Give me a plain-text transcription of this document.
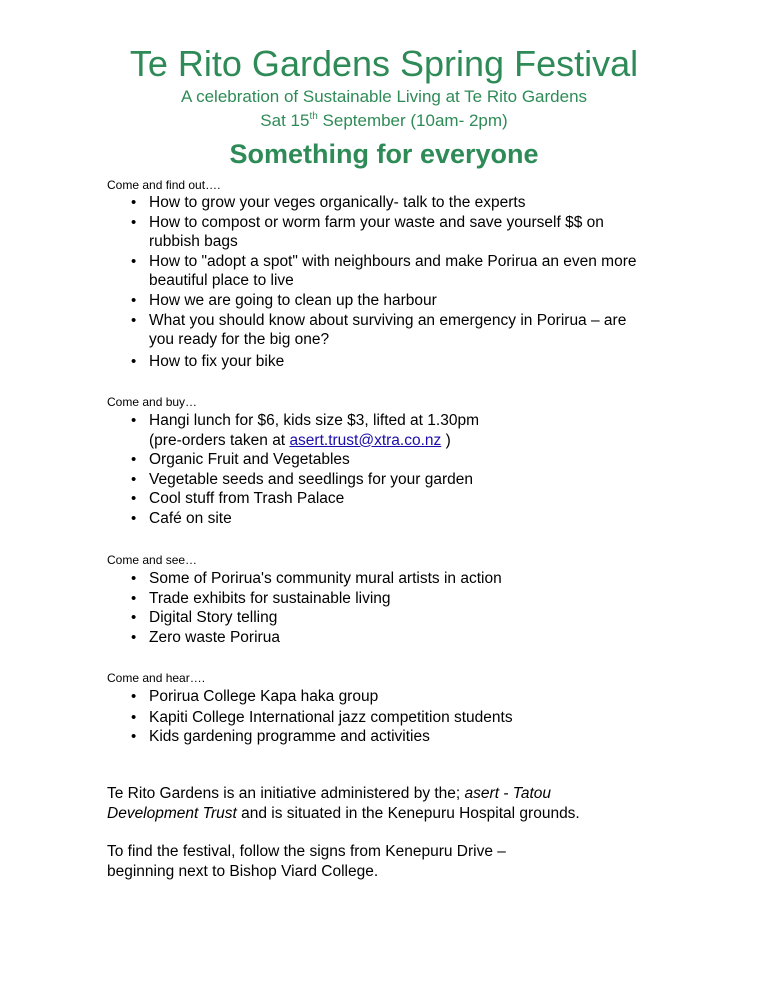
Te Rito Gardens Spring Festival

A celebration of Sustainable Living at Te Rito Gardens

Sat 15th September (10am- 2pm)

Something for everyone

Come and find out….

• How to grow your veges organically- talk to the experts
• How to compost or worm farm your waste and save yourself $$ on rubbish bags
• How to "adopt a spot" with neighbours and make Porirua an even more beautiful place to live
• How we are going to clean up the harbour
• What you should know about surviving an emergency in Porirua – are you ready for the big one?
• How to fix your bike

Come and buy…

• Hangi lunch for $6, kids size $3, lifted at 1.30pm
(pre-orders taken at asert.trust@xtra.co.nz )
• Organic Fruit and Vegetables
• Vegetable seeds and seedlings for your garden
• Cool stuff from Trash Palace
• Café on site

Come and see…

• Some of Porirua's community mural artists in action
• Trade exhibits for sustainable living
• Digital Story telling
• Zero waste Porirua

Come and hear….

• Porirua College Kapa haka group
• Kapiti College International jazz competition students
• Kids gardening programme and activities

Te Rito Gardens is an initiative administered by the; asert - Tatou Development Trust and is situated in the Kenepuru Hospital grounds.

To find the festival, follow the signs from Kenepuru Drive – beginning next to Bishop Viard College.
